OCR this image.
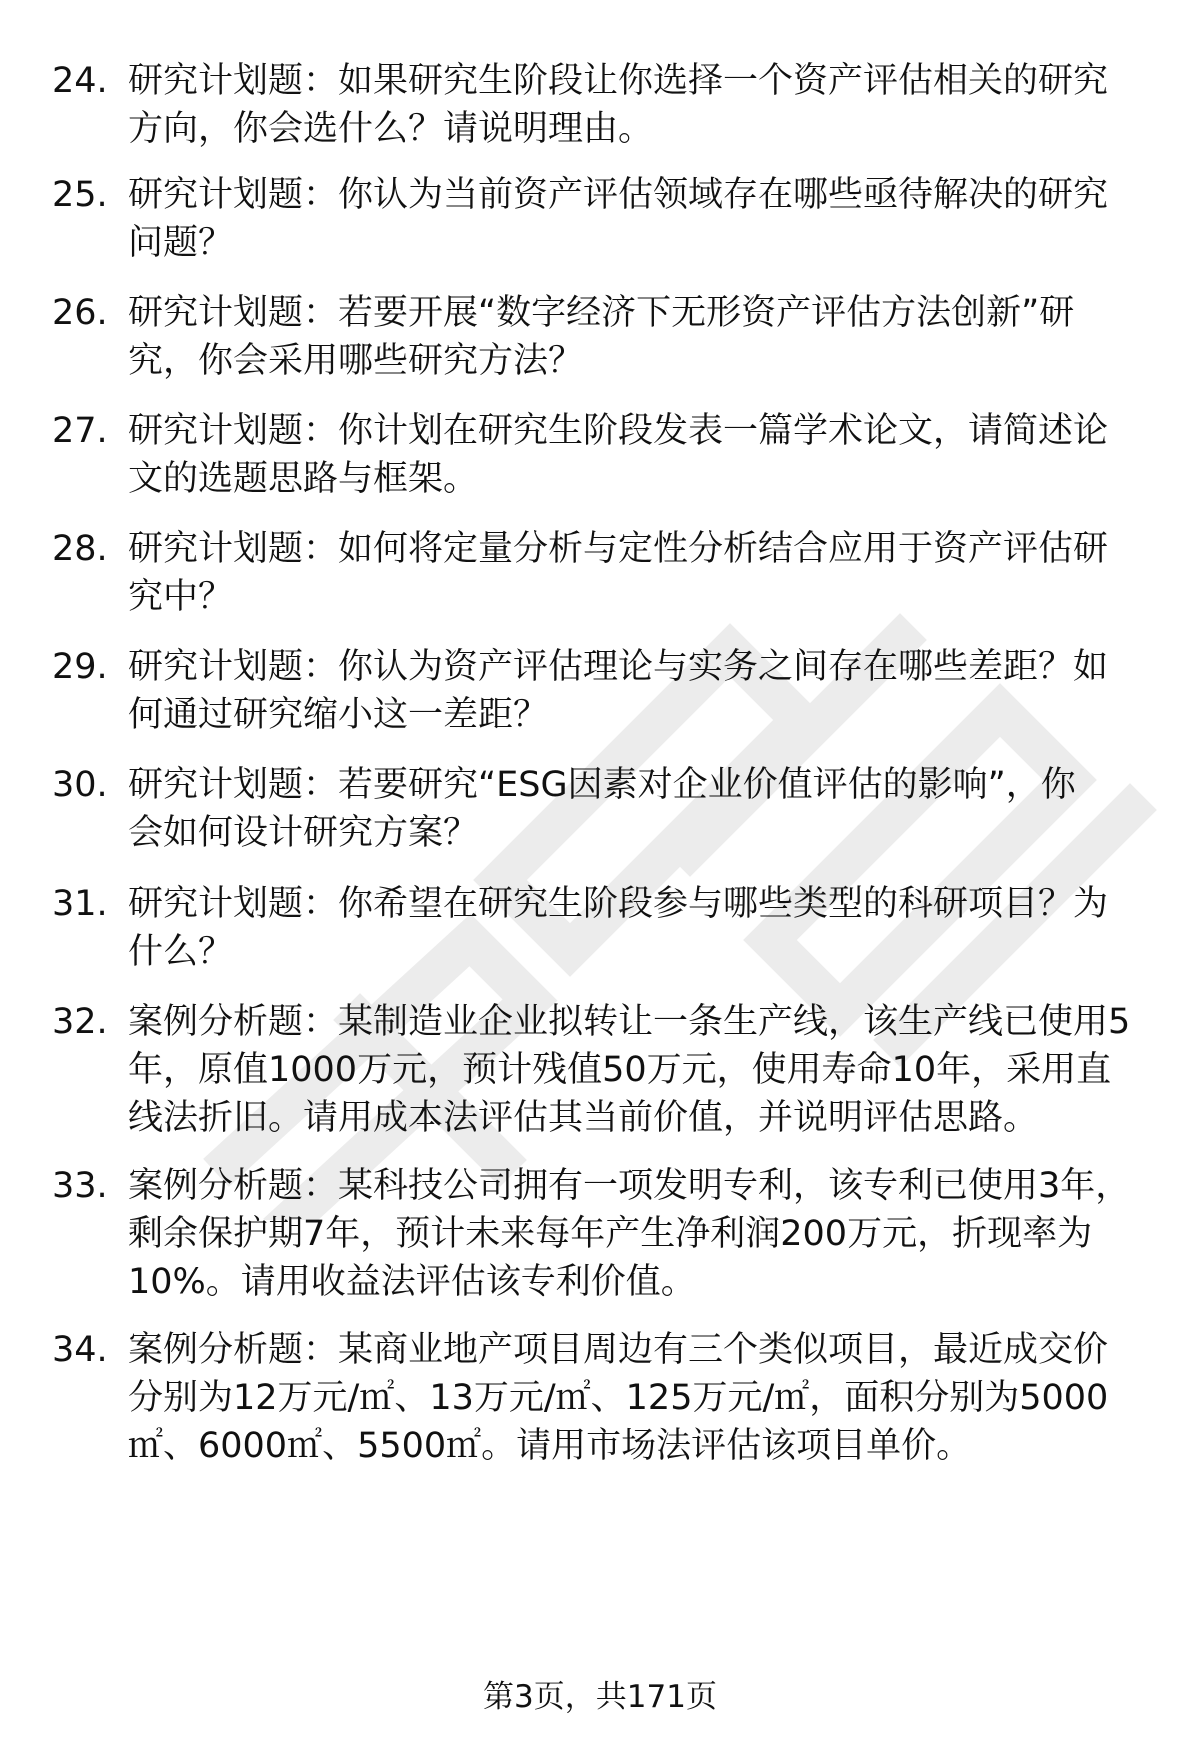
24. 研究计划题：如果研究生阶段让你选择一个资产评估相关的研究
方向，你会选什么？请说明理由。
25. 研究计划题：你认为当前资产评估领域存在哪些亟待解决的研究
问题？
26. 研究计划题：若要开展“数字经济下无形资产评估方法创新”研
究，你会采用哪些研究方法？
27. 研究计划题：你计划在研究生阶段发表一篇学术论文，请简述论
文的选题思路与框架。
28. 研究计划题：如何将定量分析与定性分析结合应用于资产评估研
究中？
29. 研究计划题：你认为资产评估理论与实务之间存在哪些差距？如
何通过研究缩小这一差距？
30. 研究计划题：若要研究“ESG因素对企业价值评估的影响”，你
会如何设计研究方案？
31. 研究计划题：你希望在研究生阶段参与哪些类型的科研项目？为
什么？
32. 案例分析题：某制造业企业拟转让一条生产线，该生产线已使用5
年，原值1000万元，预计残值50万元，使用寿命10年，采用直
线法折旧。请用成本法评估其当前价值，并说明评估思路。
33. 案例分析题：某科技公司拥有一项发明专利，该专利已使用3年，
剩余保护期7年，预计未来每年产生净利润200万元，折现率为
10%。请用收益法评估该专利价值。
34. 案例分析题：某商业地产项目周边有三个类似项目，最近成交价
分别为12万元/㎡、13万元/㎡、125万元/㎡，面积分别为5000
㎡、6000㎡、5500㎡。请用市场法评估该项目单价。
第3页，共171页
